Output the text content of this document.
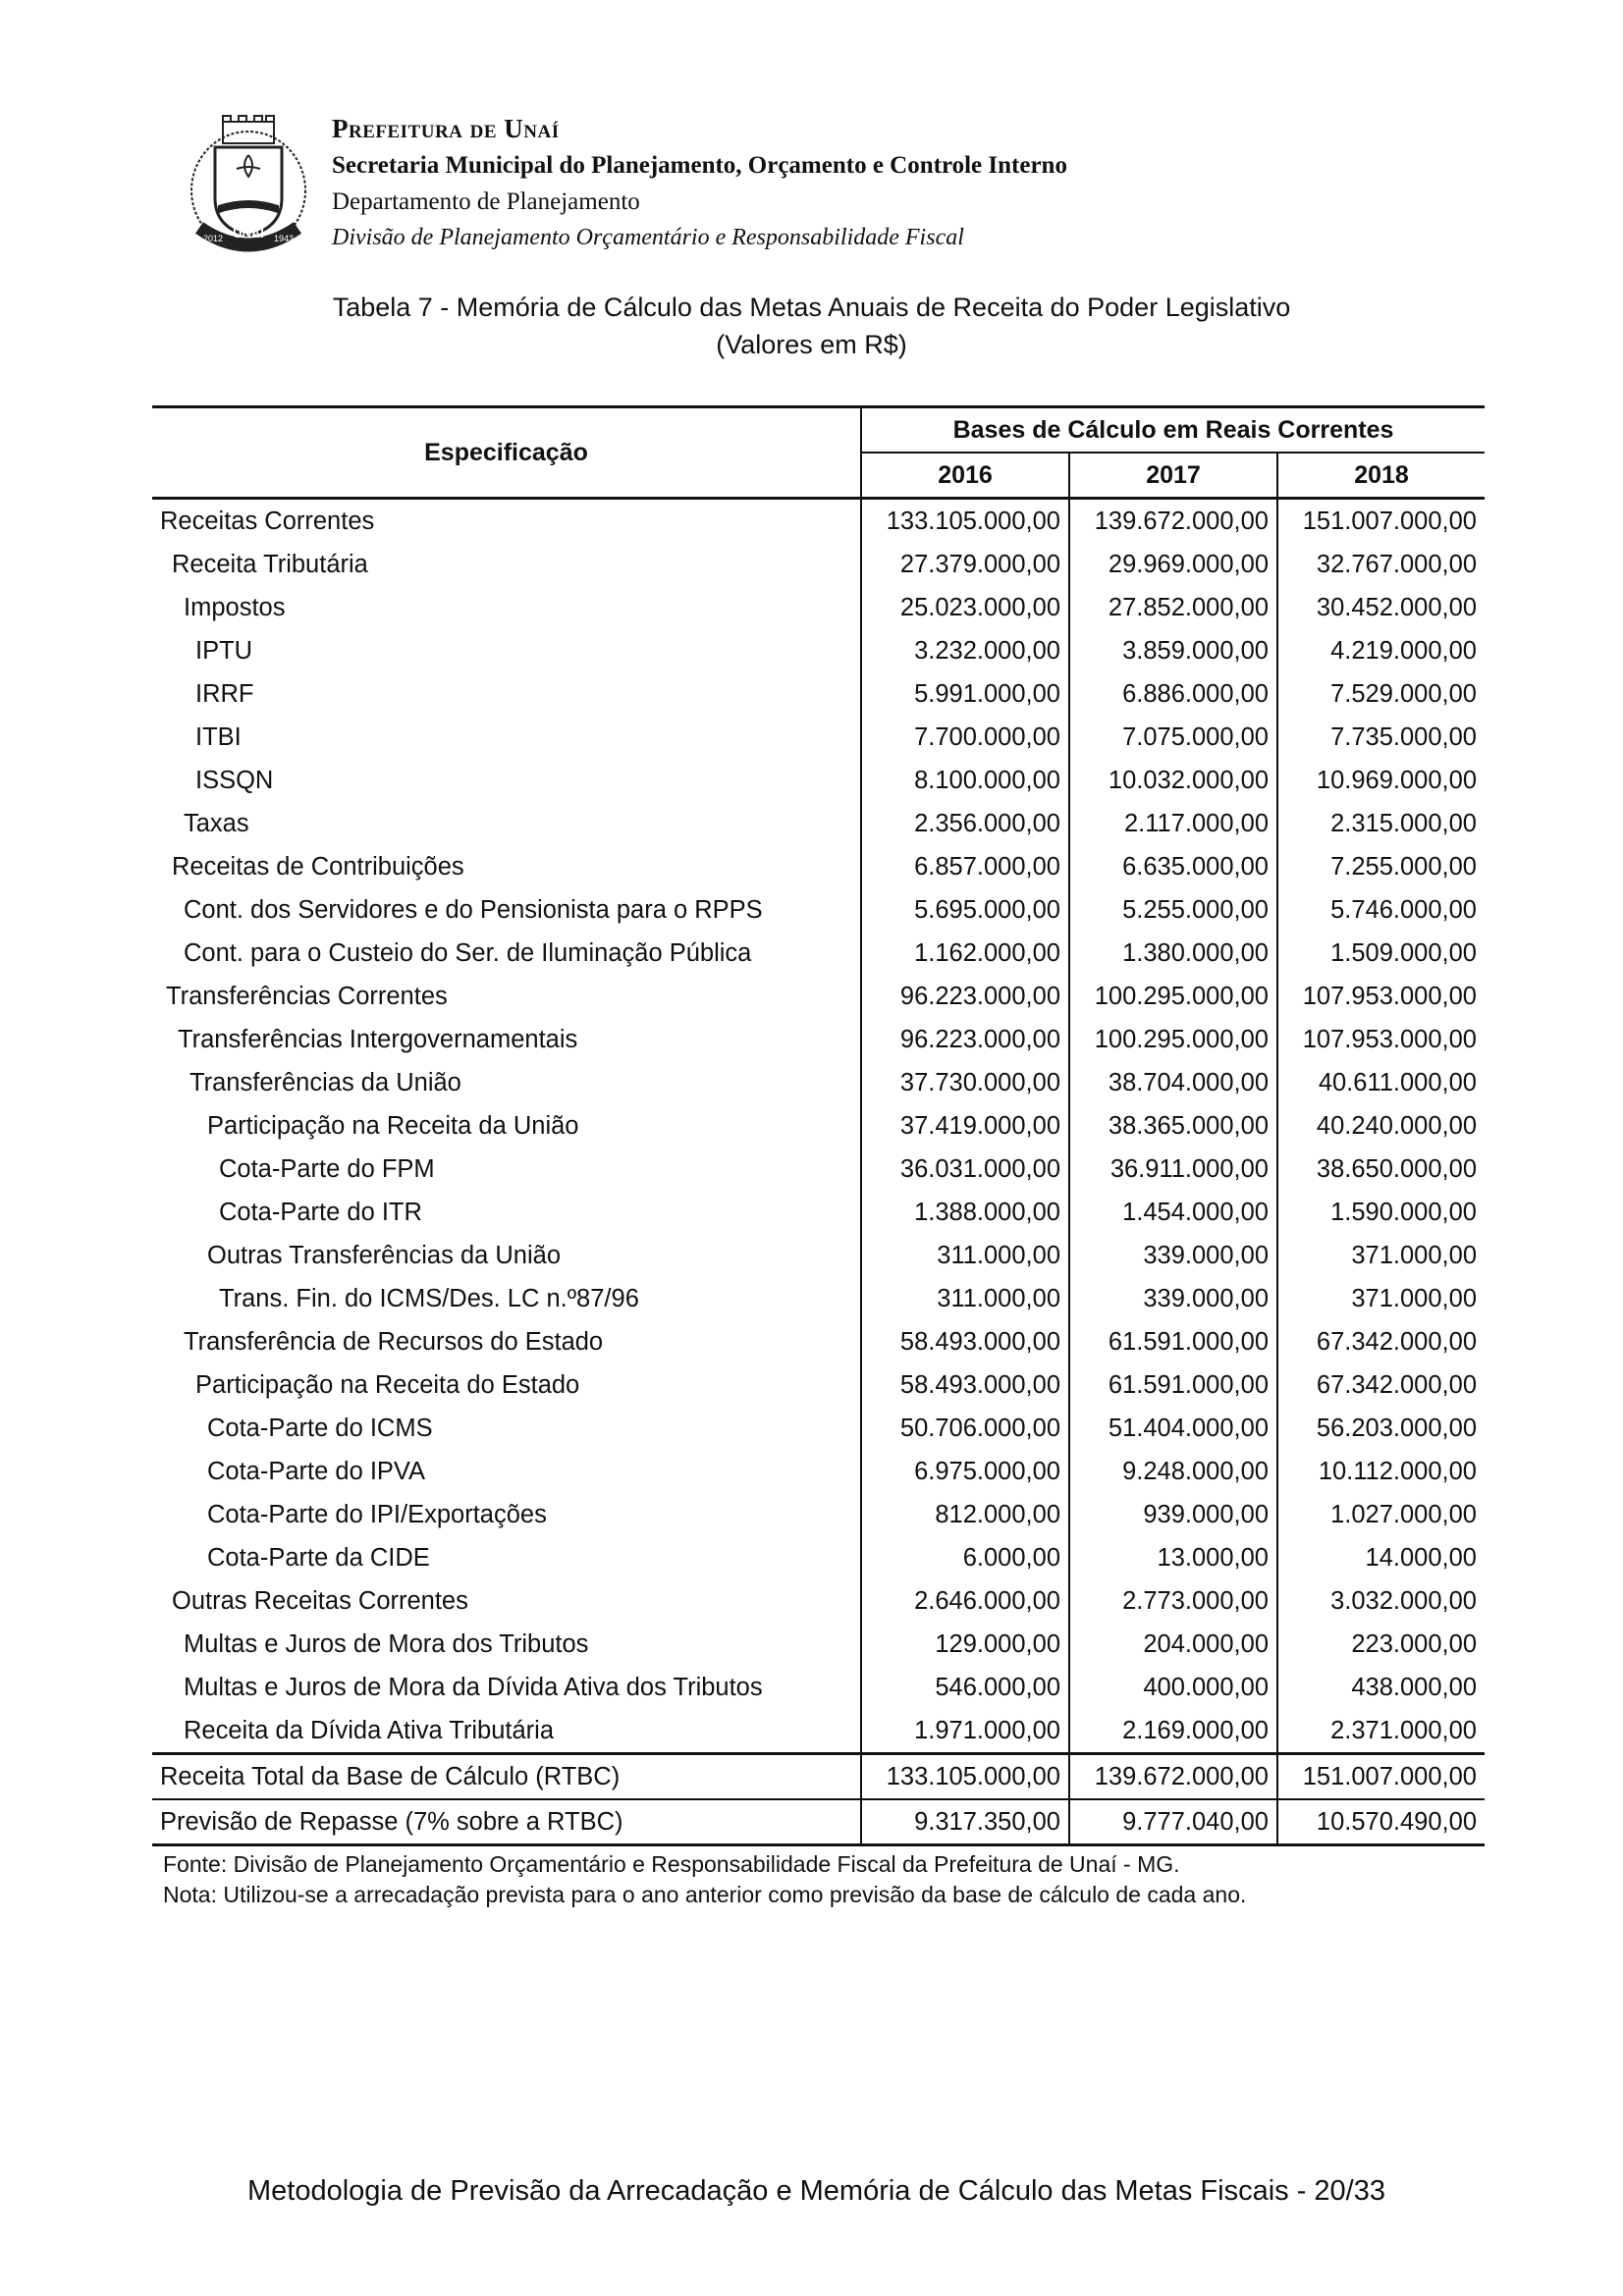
UNAÍ
2012	1943
Prefeitura de Unaí
Secretaria Municipal do Planejamento, Orçamento e Controle Interno
Departamento de Planejamento
Divisão de Planejamento Orçamentário e Responsabilidade Fiscal
Tabela 7 - Memória de Cálculo das Metas Anuais de Receita do Poder Legislativo
(Valores em R$)
Especificação	Bases de Cálculo em Reais Correntes		
	2016	2017	2018
Receitas Correntes	133.105.000,00	139.672.000,00	151.007.000,00
Receita Tributária	27.379.000,00	29.969.000,00	32.767.000,00
Impostos	25.023.000,00	27.852.000,00	30.452.000,00
IPTU	3.232.000,00	3.859.000,00	4.219.000,00
IRRF	5.991.000,00	6.886.000,00	7.529.000,00
ITBI	7.700.000,00	7.075.000,00	7.735.000,00
ISSQN	8.100.000,00	10.032.000,00	10.969.000,00
Taxas	2.356.000,00	2.117.000,00	2.315.000,00
Receitas de Contribuições	6.857.000,00	6.635.000,00	7.255.000,00
Cont. dos Servidores e do Pensionista para o RPPS	5.695.000,00	5.255.000,00	5.746.000,00
Cont. para o Custeio do Ser. de Iluminação Pública	1.162.000,00	1.380.000,00	1.509.000,00
Transferências Correntes	96.223.000,00	100.295.000,00	107.953.000,00
Transferências Intergovernamentais	96.223.000,00	100.295.000,00	107.953.000,00
Transferências da União	37.730.000,00	38.704.000,00	40.611.000,00
Participação na Receita da União	37.419.000,00	38.365.000,00	40.240.000,00
Cota-Parte do FPM	36.031.000,00	36.911.000,00	38.650.000,00
Cota-Parte do ITR	1.388.000,00	1.454.000,00	1.590.000,00
Outras Transferências da União	311.000,00	339.000,00	371.000,00
Trans. Fin. do ICMS/Des. LC n.º87/96	311.000,00	339.000,00	371.000,00
Transferência de Recursos do Estado	58.493.000,00	61.591.000,00	67.342.000,00
Participação na Receita do Estado	58.493.000,00	61.591.000,00	67.342.000,00
Cota-Parte do ICMS	50.706.000,00	51.404.000,00	56.203.000,00
Cota-Parte do IPVA	6.975.000,00	9.248.000,00	10.112.000,00
Cota-Parte do IPI/Exportações	812.000,00	939.000,00	1.027.000,00
Cota-Parte da CIDE	6.000,00	13.000,00	14.000,00
Outras Receitas Correntes	2.646.000,00	2.773.000,00	3.032.000,00
Multas e Juros de Mora dos Tributos	129.000,00	204.000,00	223.000,00
Multas e Juros de Mora da Dívida Ativa dos Tributos	546.000,00	400.000,00	438.000,00
Receita da Dívida Ativa Tributária	1.971.000,00	2.169.000,00	2.371.000,00
Receita Total da Base de Cálculo (RTBC)	133.105.000,00	139.672.000,00	151.007.000,00
Previsão de Repasse (7% sobre a RTBC)	9.317.350,00	9.777.040,00	10.570.490,00
Fonte: Divisão de Planejamento Orçamentário e Responsabilidade Fiscal da Prefeitura de Unaí - MG.
Nota: Utilizou-se a arrecadação prevista para o ano anterior como previsão da base de cálculo de cada ano.
Metodologia de Previsão da Arrecadação e Memória de Cálculo das Metas Fiscais - 20/33
